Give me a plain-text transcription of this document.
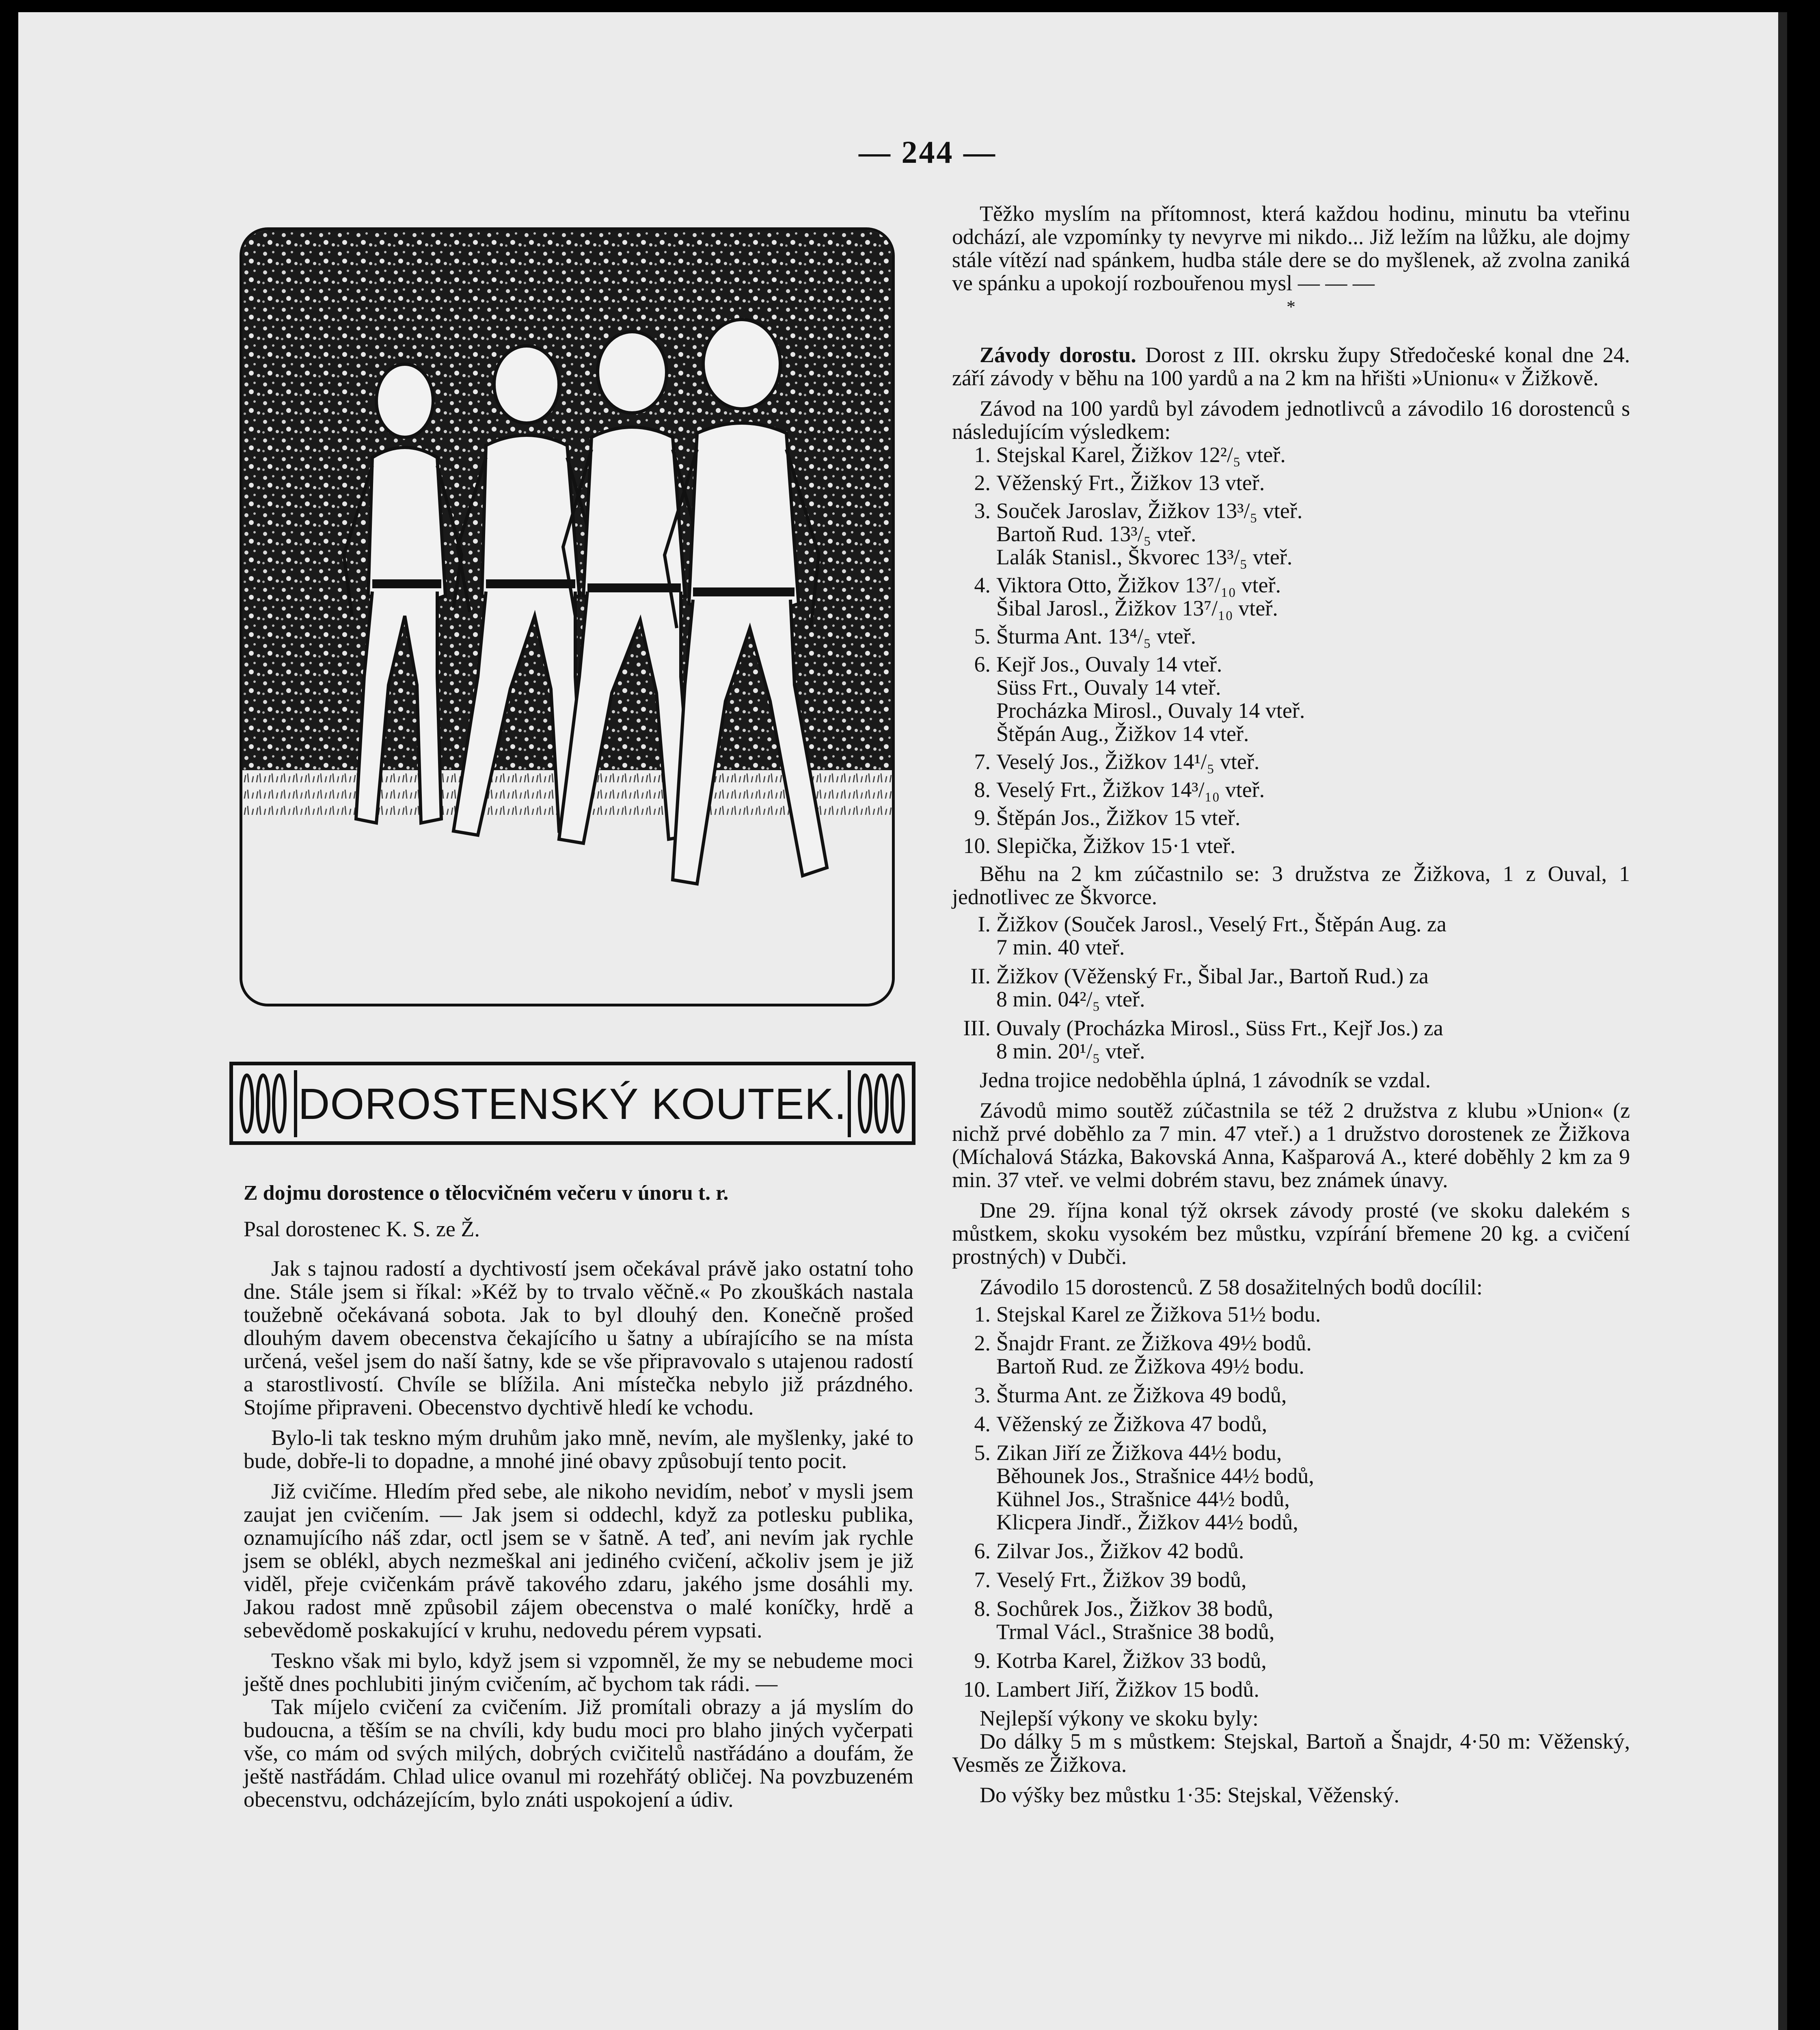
— 244 —
DOROSTENSKÝ KOUTEK.

Z dojmu dorostence o tělocvičném večeru v únoru t. r.

Psal dorostenec K. S. ze Ž.

Jak s tajnou radostí a dychtivostí jsem očekával právě jako ostatní toho dne. Stále jsem si říkal: »Kéž by to trvalo věčně.« Po zkouškách nastala toužebně očekávaná sobota. Jak to byl dlouhý den. Konečně prošed dlouhým davem obecenstva čekajícího u šatny a ubírajícího se na místa určená, vešel jsem do naší šatny, kde se vše připravovalo s utajenou radostí a starostlivostí. Chvíle se blížila. Ani místečka nebylo již prázdného. Stojíme připraveni. Obecenstvo dychtivě hledí ke vchodu.

Bylo-li tak teskno mým druhům jako mně, nevím, ale myšlenky, jaké to bude, dobře-li to dopadne, a mnohé jiné obavy způsobují tento pocit.

Již cvičíme. Hledím před sebe, ale nikoho nevidím, neboť v mysli jsem zaujat jen cvičením. — Jak jsem si oddechl, když za potlesku publika, oznamujícího náš zdar, octl jsem se v šatně. A teď, ani nevím jak rychle jsem se oblékl, abych nezmeškal ani jediného cvičení, ačkoliv jsem je již viděl, přeje cvičenkám právě takového zdaru, jakého jsme dosáhli my. Jakou radost mně způsobil zájem obecenstva o malé koníčky, hrdě a sebevědomě poskakující v kruhu, nedovedu pérem vypsati.

Teskno však mi bylo, když jsem si vzpomněl, že my se nebudeme moci ještě dnes pochlubiti jiným cvičením, ač bychom tak rádi. —

Tak míjelo cvičení za cvičením. Již promítali obrazy a já myslím do budoucna, a těším se na chvíli, kdy budu moci pro blaho jiných vyčerpati vše, co mám od svých milých, dobrých cvičitelů nastřádáno a doufám, že ještě nastřádám. Chlad ulice ovanul mi rozehřátý obličej. Na povzbuzeném obecenstvu, odcházejícím, bylo znáti uspokojení a údiv.

Těžko myslím na přítomnost, která každou hodinu, minutu ba vteřinu odchází, ale vzpomínky ty nevyrve mi nikdo... Již ležím na lůžku, ale dojmy stále vítězí nad spánkem, hudba stále dere se do myšlenek, až zvolna zaniká ve spánku a upokojí rozbouřenou mysl — — —

*

Závody dorostu. Dorost z III. okrsku župy Středočeské konal dne 24. září závody v běhu na 100 yardů a na 2 km na hřišti »Unionu« v Žižkově.

Závod na 100 yardů byl závodem jednotlivců a závodilo 16 dorostenců s následujícím výsledkem:

1. Stejskal Karel, Žižkov 12²/₅ vteř.
2. Věženský Frt., Žižkov 13 vteř.
3. Souček Jaroslav, Žižkov 13³/₅ vteř.
Bartoň Rud. 13³/₅ vteř.
Lalák Stanisl., Škvorec 13³/₅ vteř.
4. Viktora Otto, Žižkov 13⁷/₁₀ vteř.
Šibal Jarosl., Žižkov 13⁷/₁₀ vteř.
5. Šturma Ant. 13⁴/₅ vteř.
6. Kejř Jos., Ouvaly 14 vteř.
Süss Frt., Ouvaly 14 vteř.
Procházka Mirosl., Ouvaly 14 vteř.
Štěpán Aug., Žižkov 14 vteř.
7. Veselý Jos., Žižkov 14¹/₅ vteř.
8. Veselý Frt., Žižkov 14³/₁₀ vteř.
9. Štěpán Jos., Žižkov 15 vteř.
10. Slepička, Žižkov 15·1 vteř.

Běhu na 2 km zúčastnilo se: 3 družstva ze Žižkova, 1 z Ouval, 1 jednotlivec ze Škvorce.

I. Žižkov (Souček Jarosl., Veselý Frt., Štěpán Aug. za
7 min. 40 vteř.
II. Žižkov (Věženský Fr., Šibal Jar., Bartoň Rud.) za
8 min. 04²/₅ vteř.
III. Ouvaly (Procházka Mirosl., Süss Frt., Kejř Jos.) za
8 min. 20¹/₅ vteř.

Jedna trojice nedoběhla úplná, 1 závodník se vzdal.

Závodů mimo soutěž zúčastnila se též 2 družstva z klubu »Union« (z nichž prvé doběhlo za 7 min. 47 vteř.) a 1 družstvo dorostenek ze Žižkova (Míchalová Stázka, Bakovská Anna, Kašparová A., které doběhly 2 km za 9 min. 37 vteř. ve velmi dobrém stavu, bez známek únavy.

Dne 29. října konal týž okrsek závody prosté (ve skoku dalekém s můstkem, skoku vysokém bez můstku, vzpírání břemene 20 kg. a cvičení prostných) v Dubči.

Závodilo 15 dorostenců. Z 58 dosažitelných bodů docílil:

1. Stejskal Karel ze Žižkova 51½ bodu.
2. Šnajdr Frant. ze Žižkova 49½ bodů.
Bartoň Rud. ze Žižkova 49½ bodu.
3. Šturma Ant. ze Žižkova 49 bodů,
4. Věženský ze Žižkova 47 bodů,
5. Zikan Jiří ze Žižkova 44½ bodu,
Běhounek Jos., Strašnice 44½ bodů,
Kühnel Jos., Strašnice 44½ bodů,
Klicpera Jindř., Žižkov 44½ bodů,
6. Zilvar Jos., Žižkov 42 bodů.
7. Veselý Frt., Žižkov 39 bodů,
8. Sochůrek Jos., Žižkov 38 bodů,
Trmal Václ., Strašnice 38 bodů,
9. Kotrba Karel, Žižkov 33 bodů,
10. Lambert Jiří, Žižkov 15 bodů.

Nejlepší výkony ve skoku byly:

Do dálky 5 m s můstkem: Stejskal, Bartoň a Šnajdr, 4·50 m: Věženský, Vesměs ze Žižkova.

Do výšky bez můstku 1·35: Stejskal, Věženský.
